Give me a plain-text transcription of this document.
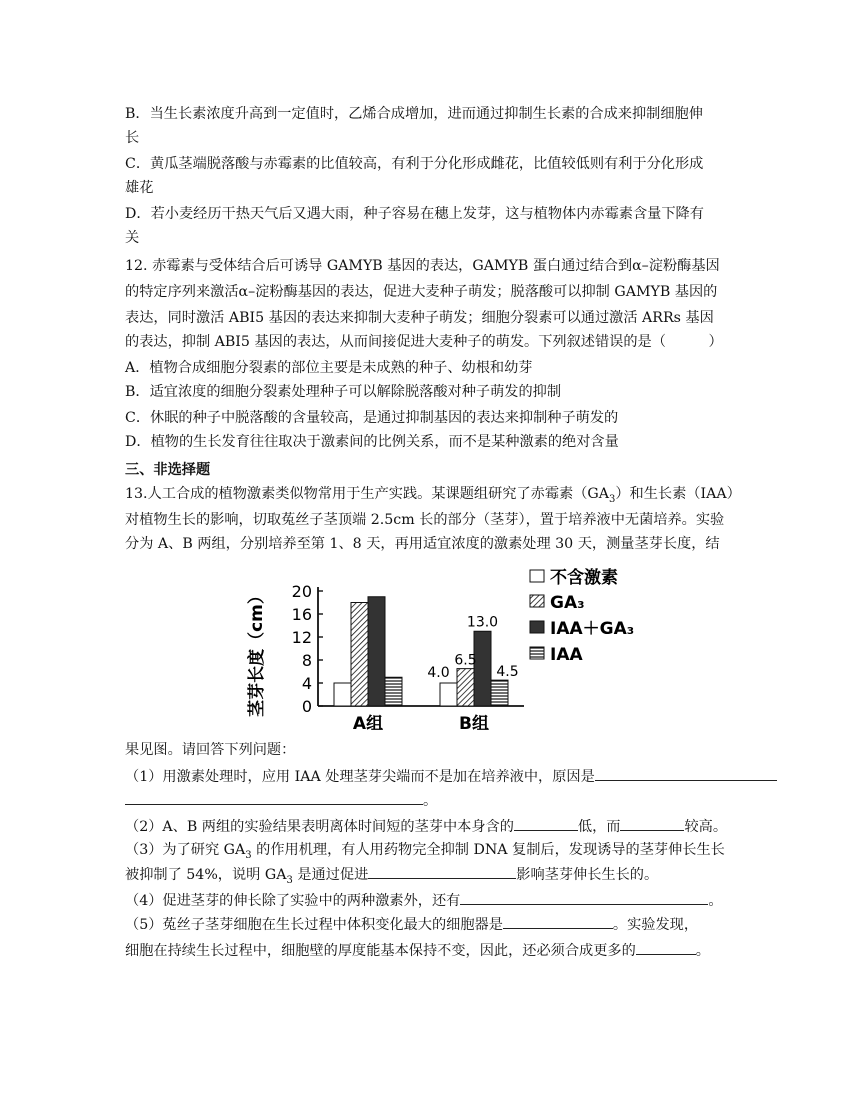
B．当生长素浓度升高到一定值时，乙烯合成增加，进而通过抑制生长素的合成来抑制细胞伸
长
C．黄瓜茎端脱落酸与赤霉素的比值较高，有利于分化形成雌花，比值较低则有利于分化形成
雄花
D．若小麦经历干热天气后又遇大雨，种子容易在穗上发芽，这与植物体内赤霉素含量下降有
关
12. 赤霉素与受体结合后可诱导 GAMYB 基因的表达，GAMYB 蛋白通过结合到α–淀粉酶基因
的特定序列来激活α–淀粉酶基因的表达，促进大麦种子萌发；脱落酸可以抑制 GAMYB 基因的
表达，同时激活 ABI5 基因的表达来抑制大麦种子萌发；细胞分裂素可以通过激活 ARRs 基因
的表达，抑制 ABI5 基因的表达，从而间接促进大麦种子的萌发。下列叙述错误的是（　　　）
A．植物合成细胞分裂素的部位主要是未成熟的种子、幼根和幼芽
B．适宜浓度的细胞分裂素处理种子可以解除脱落酸对种子萌发的抑制
C．休眠的种子中脱落酸的含量较高，是通过抑制基因的表达来抑制种子萌发的
D．植物的生长发育往往取决于激素间的比例关系，而不是某种激素的绝对含量
三、非选择题
13.人工合成的植物激素类似物常用于生产实践。某课题组研究了赤霉素$(GA_3)$和生长素（IAA）
对植物生长的影响，切取菟丝子茎顶端 2.5cm 长的部分（茎芽），置于培养液中无菌培养。实验
分为 A、B 两组，分别培养至第 1、8 天，再用适宜浓度的激素处理 30 天，测量茎芽长度，结
茎芽长度（cm） 0
4
8
12
16
20
A组	B组
4.0
6.5
13.0
4.5
不含激素
GA₃
IAA＋GA₃
IAA
果见图。请回答下列问题：
（1）用激素处理时，应用 IAA 处理茎芽尖端而不是加在培养液中，原因是
。
（2）A、B 两组的实验结果表明离体时间短的茎芽中本身含的	低，而	较高。
（3）为了研究 $GA_3$ 的作用机理，有人用药物完全抑制 DNA 复制后，发现诱导的茎芽伸长生长
被抑制了 54%，说明 $GA_3$ 是通过促进	影响茎芽伸长生长的。
（4）促进茎芽的伸长除了实验中的两种激素外，还有	。
（5）菟丝子茎芽细胞在生长过程中体积变化最大的细胞器是	。实验发现，
细胞在持续生长过程中，细胞壁的厚度能基本保持不变，因此，还必须合成更多的	。
